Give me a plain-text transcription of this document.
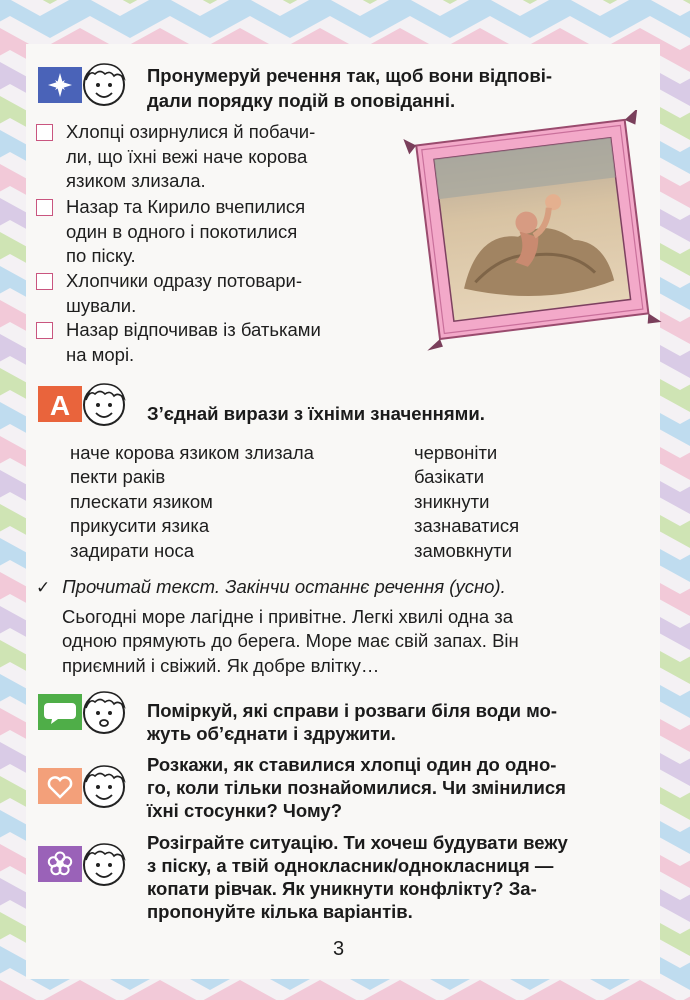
Пронумеруй речення так, щоб вони відпові-
дали порядку подій в оповіданні.
Хлопці озирнулися й побачи-
ли, що їхні вежі наче корова
язиком злизала.
Назар та Кирило вчепилися
один в одного і покотилися
по піску.
Хлопчики одразу потовари-
шували.
Назар відпочивав із батьками
на морі.
А	З’єднай вирази з їхніми значеннями.
наче корова язиком злизала
пекти раків
плескати язиком
прикусити язика
задирати носа
червоніти
базікати
зникнути
зазнаватися
замовкнути
✓ Прочитай текст. Закінчи останнє речення (усно).
Сьогодні море лагідне і привітне. Легкі хвилі одна за
одною прямують до берега. Море має свій запах. Він
приємний і свіжий. Як добре влітку…
Поміркуй, які справи і розваги біля води мо-
жуть об’єднати і здружити.
Розкажи, як ставилися хлопці один до одно-
го, коли тільки познайомилися. Чи змінилися
їхні стосунки? Чому?
Розіграйте ситуацію. Ти хочеш будувати вежу
з піску, а твій однокласник/однокласниця —
копати рівчак. Як уникнути конфлікту? За-
пропонуйте кілька варіантів.
3
